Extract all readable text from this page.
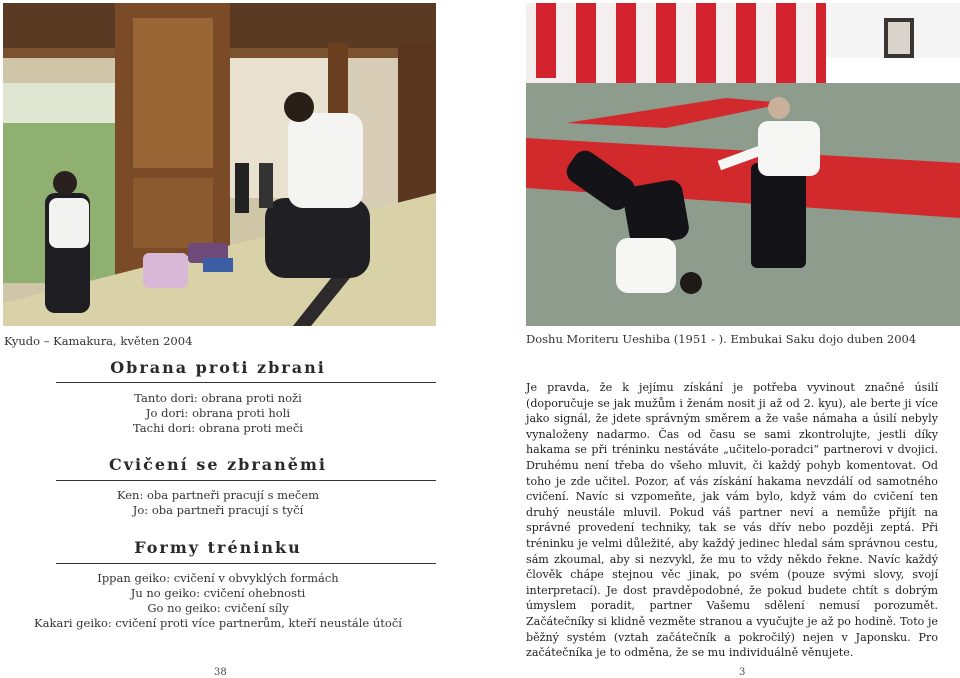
Kyudo – Kamakura, květen 2004
Obrana proti zbrani
Tanto dori: obrana proti noži
Jo dori: obrana proti holi
Tachi dori: obrana proti meči
Cvičení se zbraněmi
Ken: oba partneři pracují s mečem
Jo: oba partneři pracují s tyčí
Formy tréninku
Ippan geiko: cvičení v obvyklých formách
Ju no geiko: cvičení ohebnosti
Go no geiko: cvičení síly
Kakari geiko: cvičení proti více partnerům, kteří neustále útočí
38
Doshu Moriteru Ueshiba (1951 - ). Embukai Saku dojo duben 2004
Je pravda, že k jejímu získání je potřeba vyvinout značné úsilí (doporučuje se jak mužům i ženám nosit ji až od 2. kyu), ale berte ji více jako signál, že jdete správným směrem a že vaše námaha a úsilí nebyly vynaloženy nadarmo. Čas od času se sami zkontrolujte, jestli díky hakama se při tréninku nestáváte „učitelo-poradci“ partnerovi v dvojici. Druhému není třeba do všeho mluvit, či každý pohyb komentovat. Od toho je zde učitel. Pozor, ať vás získání hakama nevzdálí od samotného cvičení. Navíc si vzpomeňte, jak vám bylo, když vám do cvičení ten druhý neustále mluvil. Pokud váš partner neví a nemůže přijít na správné provedení techniky, tak se vás dřív nebo později zeptá. Při tréninku je velmi důležité, aby každý jedinec hledal sám správnou cestu, sám zkoumal, aby si nezvykl, že mu to vždy někdo řekne. Navíc každý člověk chápe stejnou věc jinak, po svém (pouze svými slovy, svojí interpretací). Je dost pravděpodobné, že pokud budete chtít s dobrým úmyslem poradit, partner Vašemu sdělení nemusí porozumět. Začátečníky si klidně vezměte stranou a vyučujte je až po hodině. Toto je běžný systém (vztah začátečník a pokročilý) nejen v Japonsku. Pro začátečníka je to odměna, že se mu individuálně věnujete.
3
